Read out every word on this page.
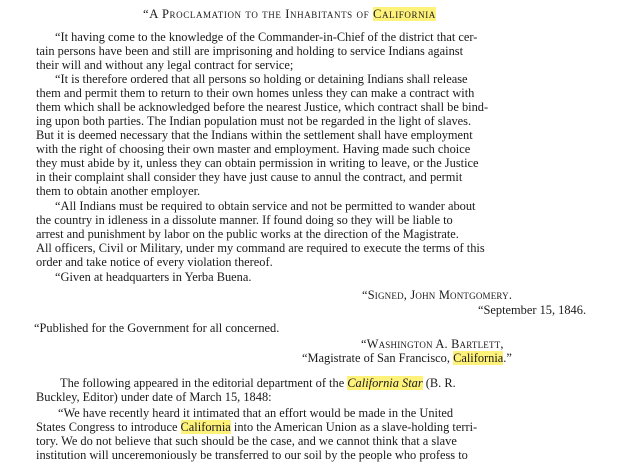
“A Proclamation to the Inhabitants of California
“It having come to the knowledge of the Commander-in-Chief of the district that cer-
tain persons have been and still are imprisoning and holding to service Indians against
their will and without any legal contract for service;
“It is therefore ordered that all persons so holding or detaining Indians shall release
them and permit them to return to their own homes unless they can make a contract with
them which shall be acknowledged before the nearest Justice, which contract shall be bind-
ing upon both parties. The Indian population must not be regarded in the light of slaves.
But it is deemed necessary that the Indians within the settlement shall have employment
with the right of choosing their own master and employment. Having made such choice
they must abide by it, unless they can obtain permission in writing to leave, or the Justice
in their complaint shall consider they have just cause to annul the contract, and permit
them to obtain another employer.
“All Indians must be required to obtain service and not be permitted to wander about
the country in idleness in a dissolute manner. If found doing so they will be liable to
arrest and punishment by labor on the public works at the direction of the Magistrate.
All officers, Civil or Military, under my command are required to execute the terms of this
order and take notice of every violation thereof.
“Given at headquarters in Yerba Buena.
“Signed, John Montgomery.
“September 15, 1846.
“Published for the Government for all concerned.
“Washington A. Bartlett,
“Magistrate of San Francisco, California.”
The following appeared in the editorial department of the California Star (B. R.
Buckley, Editor) under date of March 15, 1848:
“We have recently heard it intimated that an effort would be made in the United
States Congress to introduce California into the American Union as a slave-holding terri-
tory. We do not believe that such should be the case, and we cannot think that a slave
institution will unceremoniously be transferred to our soil by the people who profess to
